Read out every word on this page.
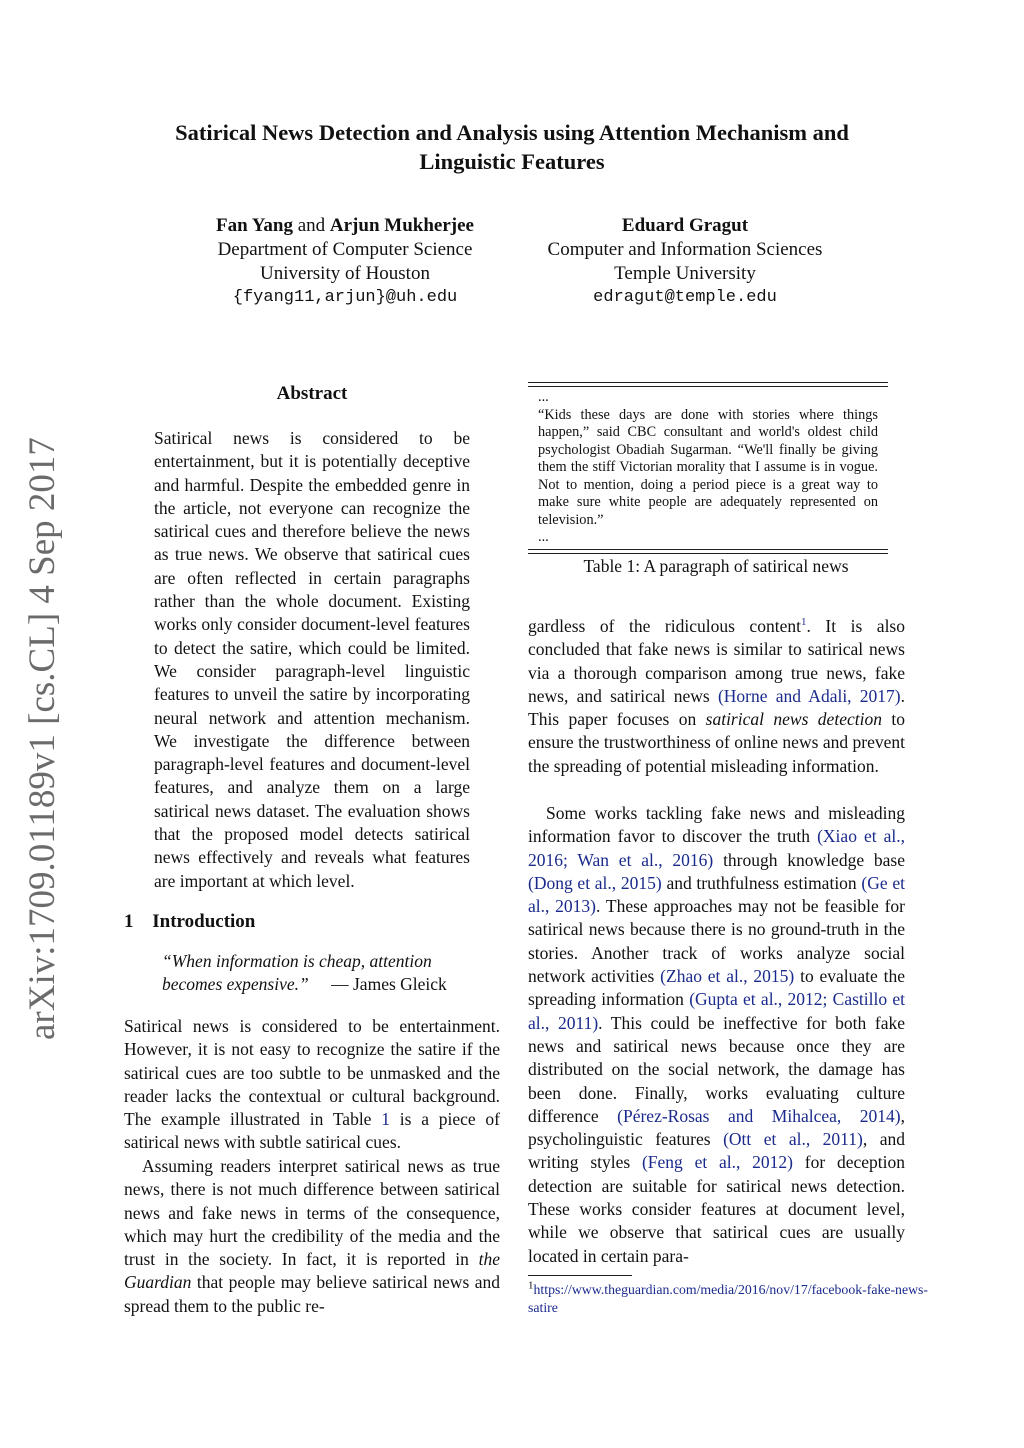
Satirical News Detection and Analysis using Attention Mechanism and
Linguistic Features
Fan Yang and Arjun Mukherjee
Department of Computer Science
University of Houston
{fyang11,arjun}@uh.edu
Eduard Gragut
Computer and Information Sciences
Temple University
edragut@temple.edu
arXiv:1709.01189v1 [cs.CL] 4 Sep 2017
Abstract
Satirical news is considered to be entertainment, but it is potentially deceptive and harmful. Despite the embedded genre in the article, not everyone can recognize the satirical cues and therefore believe the news as true news. We observe that satirical cues are often reflected in certain paragraphs rather than the whole document. Existing works only consider document-level features to detect the satire, which could be limited. We consider paragraph-level linguistic features to unveil the satire by incorporating neural network and attention mechanism. We investigate the difference between paragraph-level features and document-level features, and analyze them on a large satirical news dataset. The evaluation shows that the proposed model detects satirical news effectively and reveals what features are important at which level.
1 Introduction
“When information is cheap, attention
becomes expensive.” — James Gleick
Satirical news is considered to be entertainment. However, it is not easy to recognize the satire if the satirical cues are too subtle to be unmasked and the reader lacks the contextual or cultural background. The example illustrated in Table 1 is a piece of satirical news with subtle satirical cues.
Assuming readers interpret satirical news as true news, there is not much difference between satirical news and fake news in terms of the consequence, which may hurt the credibility of the media and the trust in the society. In fact, it is reported in the Guardian that people may believe satirical news and spread them to the public re-
...
“Kids these days are done with stories where things happen,” said CBC consultant and world's oldest child psychologist Obadiah Sugarman. “We'll finally be giving them the stiff Victorian morality that I assume is in vogue. Not to mention, doing a period piece is a great way to make sure white people are adequately represented on television.”
...
Table 1: A paragraph of satirical news
gardless of the ridiculous content$^1$. It is also concluded that fake news is similar to satirical news via a thorough comparison among true news, fake news, and satirical news (Horne and Adali, 2017). This paper focuses on satirical news detection to ensure the trustworthiness of online news and prevent the spreading of potential misleading information.
Some works tackling fake news and misleading information favor to discover the truth (Xiao et al., 2016; Wan et al., 2016) through knowledge base (Dong et al., 2015) and truthfulness estimation (Ge et al., 2013). These approaches may not be feasible for satirical news because there is no ground-truth in the stories. Another track of works analyze social network activities (Zhao et al., 2015) to evaluate the spreading information (Gupta et al., 2012; Castillo et al., 2011). This could be ineffective for both fake news and satirical news because once they are distributed on the social network, the damage has been done. Finally, works evaluating culture difference (Pérez-Rosas and Mihalcea, 2014), psycholinguistic features (Ott et al., 2011), and writing styles (Feng et al., 2012) for deception detection are suitable for satirical news detection. These works consider features at document level, while we observe that satirical cues are usually located in certain para-
$^1$https://www.theguardian.com/media/2016/nov/17/facebook-fake-news-satire
